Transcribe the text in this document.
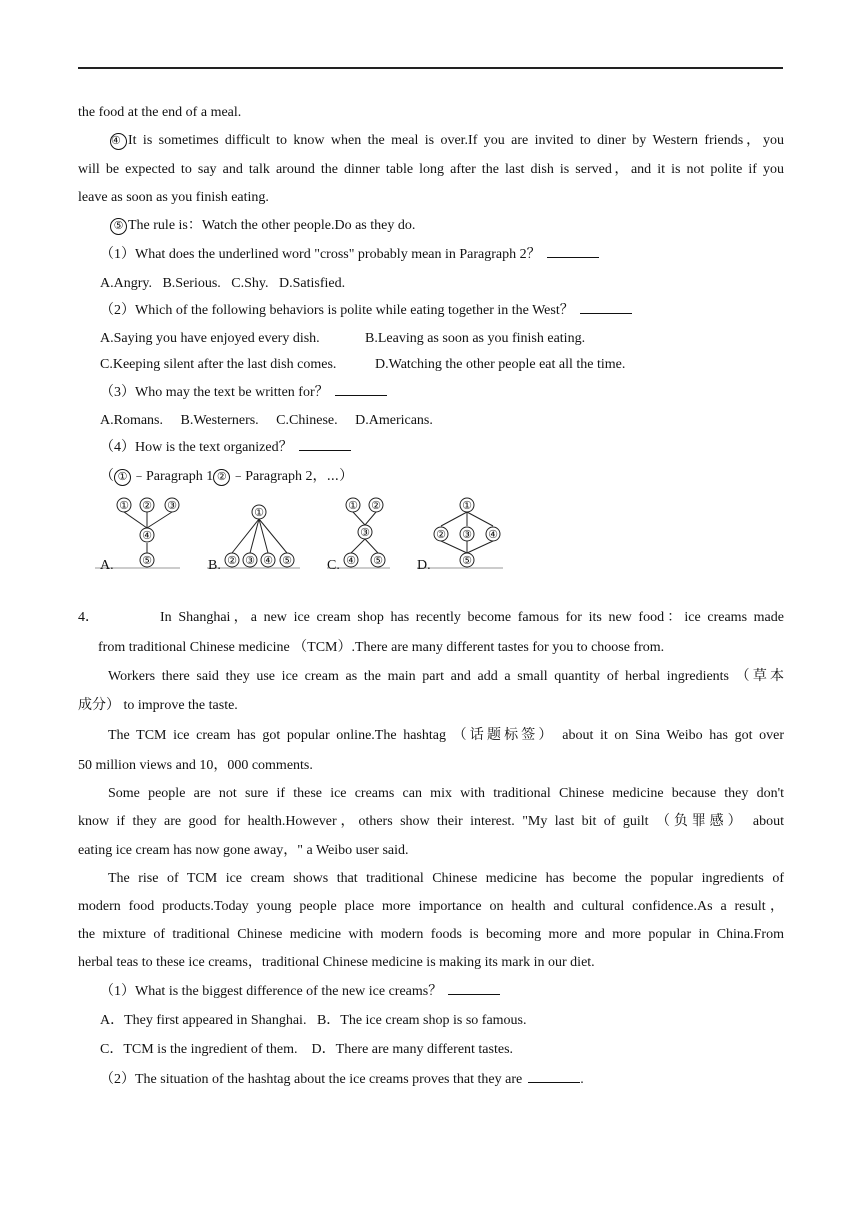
the food at the end of a meal.
④ It is sometimes difficult to know when the meal is over.If you are invited to diner by Western friends，you
will be expected to say and talk around the dinner table long after the last dish is served，and it is not polite if you
leave as soon as you finish eating.
⑤ The rule is：Watch the other people.Do as they do.
（1）What does the underlined word "cross" probably mean in Paragraph 2？
A.Angry.   B.Serious.   C.Shy.   D.Satisfied.
（2）Which of the following behaviors is polite while eating together in the West？
A.Saying you have enjoyed every dish.	B.Leaving as soon as you finish eating.
C.Keeping silent after the last dish comes.	D.Watching the other people eat all the time.
（3）Who may the text be written for？
A.Romans.     B.Westerners.     C.Chinese.     D.Americans.
（4）How is the text organized？
（ ① ﹣Paragraph 1 ② ﹣Paragraph 2，⋯）
① ② ③
④
⑤
①
② ③ ④ ⑤
① ②
③
④ ⑤
①
② ③ ④
⑤
A.	B.	C.	D.
4．	In Shanghai，a new ice cream shop has recently become famous for its new food：ice creams made
from traditional Chinese medicine （TCM）.There are many different tastes for you to choose from.
Workers there said they use ice cream as the main part and add a small quantity of herbal ingredients （草本
成分） to improve the taste.
The TCM ice cream has got popular online.The hashtag （话题标签） about it on Sina Weibo has got over
50 million views and 10，000 comments.
Some people are not sure if these ice creams can mix with traditional Chinese medicine because they don't
know if they are good for health.However，others show their interest. "My last bit of guilt （负罪感） about
eating ice cream has now gone away，" a Weibo user said.
The rise of TCM ice cream shows that traditional Chinese medicine has become the popular ingredients of
modern food products.Today young people place more importance on health and cultural confidence.As a result，
the mixture of traditional Chinese medicine with modern foods is becoming more and more popular in China.From
herbal teas to these ice creams，traditional Chinese medicine is making its mark in our diet.
（1）What is the biggest difference of the new ice creams？
A．They first appeared in Shanghai.   B．The ice cream shop is so famous.
C．TCM is the ingredient of them.    D．There are many different tastes.
（2）The situation of the hashtag about the ice creams proves that they are	.
